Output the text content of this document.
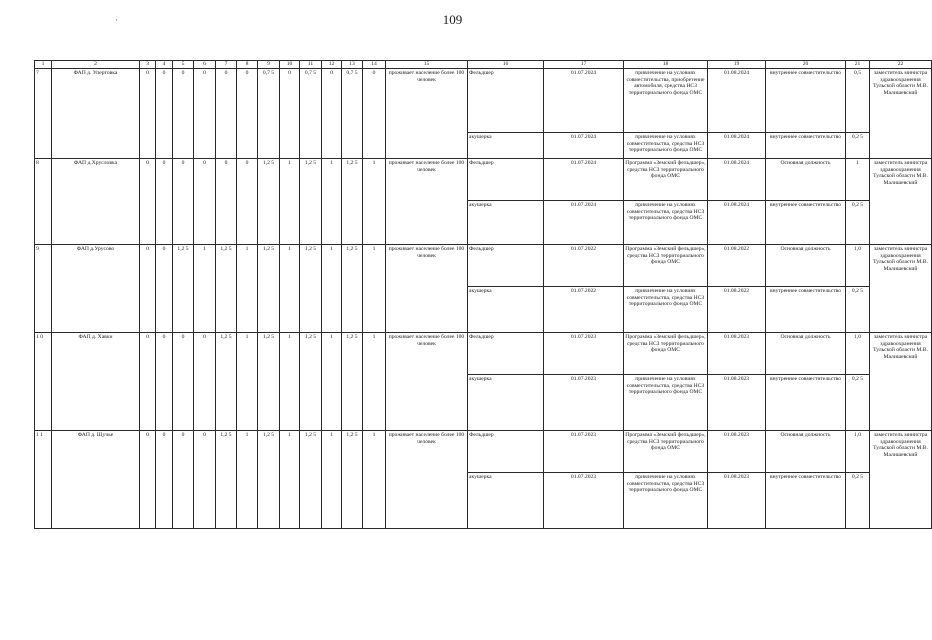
'	109
1	2	3	4	5	6	7	8	9	10	11	12	13	14	15	16	17	18	19	20	21	22
7	ФАП д. Упертовка	0	0	0	0	0	0	0,7 5	0	0,7 5	0	0,7 5	0	проживает население более 100 человек	Фельдшер	01.07.2024	привлечение на условиях совместительства, приобретение автомобиля, средства НСЗ территориального фонда ОМС	01.08.2024	внутреннее совместительство	0,5	заместитель министра здравоохранения Тульской области М.В. Малишевский
															акушерка	01.07.2024	привлечение на условиях совместительства, средства НСЗ территориального фонда ОМС	01.08.2024	внутреннее совместительство	0,2 5	
8	ФАП д.Хрусловка	0	0	0	0	0	0	1,2 5	1	1,2 5	1	1,2 5	1	проживает население более 100 человек	Фельдшер	01.07.2024	Программа «Земский фельдшер», средства НСЗ территориального фонда ОМС	01.08.2024	Основная должность	1	заместитель министра здравоохранения Тульской области М.В. Малишевский
															акушерка	01.07.2024	привлечение на условиях совместительства, средства НСЗ территориального фонда ОМС	01.08.2024	внутреннее совместительство	0,2 5	
9	ФАП д.Урусово	0	0	1,2 5	1	1,2 5	1	1,2 5	1	1,2 5	1	1,2 5	1	проживает население более 100 человек	Фельдшер	01.07.2022	Программа «Земский фельдшер», средства НСЗ территориального фонда ОМС	01.08.2022	Основная должность	1,0	заместитель министра здравоохранения Тульской области М.В. Малишевский
															акушерка	01.07.2022	привлечение на условиях совместительства, средства НСЗ территориального фонда ОМС	01.08.2022	внутреннее совместительство	0,2 5	
1 0	ФАП д. Хавки	0	0	0	0	1,2 5	1	1,2 5	1	1,2 5	1	1,2 5	1	проживает население более 100 человек	Фельдшер	01.07.2023	Программа «Земский фельдшер», средства НСЗ территориального фонда ОМС	01.08.2023	Основная должность	1,0	заместитель министра здравоохранения Тульской области М.В. Малишевский
															акушерка	01.07.2023	привлечение на условиях совместительства, средства НСЗ территориального фонда ОМС	01.08.2023	внутреннее совместительство	0,2 5	
1 1	ФАП д. Щучье	0	0	0	0	1,2 5	1	1,2 5	1	1,2 5	1	1,2 5	1	проживает население более 100 человек	Фельдшер	01.07.2023	Программа «Земский фельдшер», средства НСЗ территориального фонда ОМС	01.08.2023	Основная должность	1,0	заместитель министра здравоохранения Тульской области М.В. Малишевский
															акушерка	01.07.2023	привлечение на условиях совместительства, средства НСЗ территориального фонда ОМС	01.08.2023	внутреннее совместительство	0,2 5	
